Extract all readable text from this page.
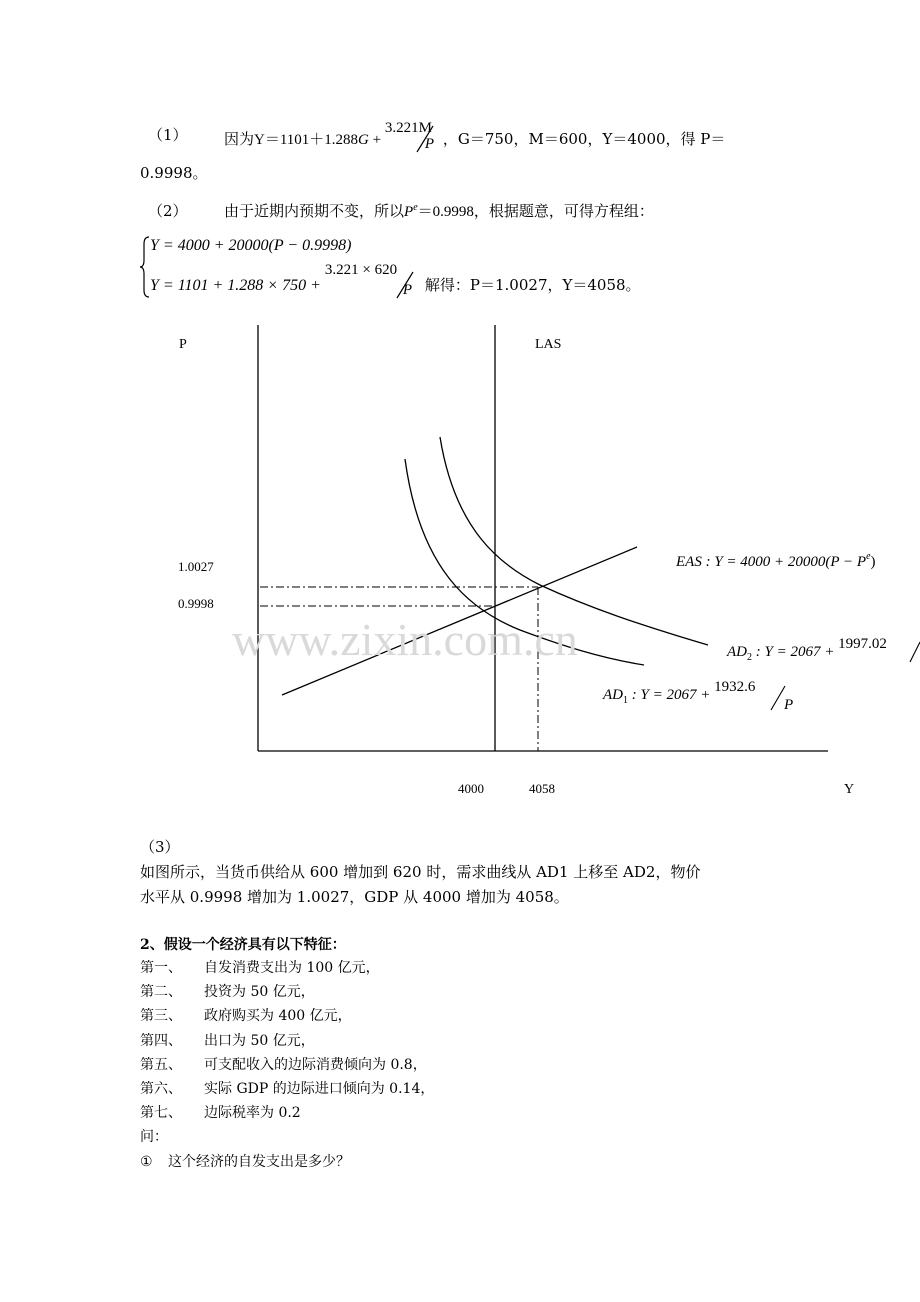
（1） 因为Y＝1101＋1.288G +
3.221M
P ，G＝750，M＝600，Y＝4000，得 P＝
0.9998。
（2） 由于近期内预期不变，所以$P^e=0.9998$，根据题意，可得方程组：
Y = 4000 + 20000(P − 0.9998)
Y = 1101 + 1.288 × 750 +
3.221 × 620
P 解得：P＝1.0027，Y＝4058。
P
Y
LAS
1.0027
0.9998
4000	4058
EAS : $Y = 4000 + 20000(P - P^e)$
$AD_2$ : Y = 2067 + 1997.02
$AD_1$ : Y = 2067 + 1932.6
P
www.zixin.com.cn
（3）
如图所示，当货币供给从 600 增加到 620 时，需求曲线从 AD1 上移至 AD2，物价
水平从 0.9998 增加为 1.0027，GDP 从 4000 增加为 4058。
2、假设一个经济具有以下特征：
第一、 自发消费支出为 100 亿元，
第二、 投资为 50 亿元，
第三、 政府购买为 400 亿元，
第四、 出口为 50 亿元，
第五、 可支配收入的边际消费倾向为 0.8，
第六、 实际 GDP 的边际进口倾向为 0.14，
第七、 边际税率为 0.2
问：
① 这个经济的自发支出是多少？
